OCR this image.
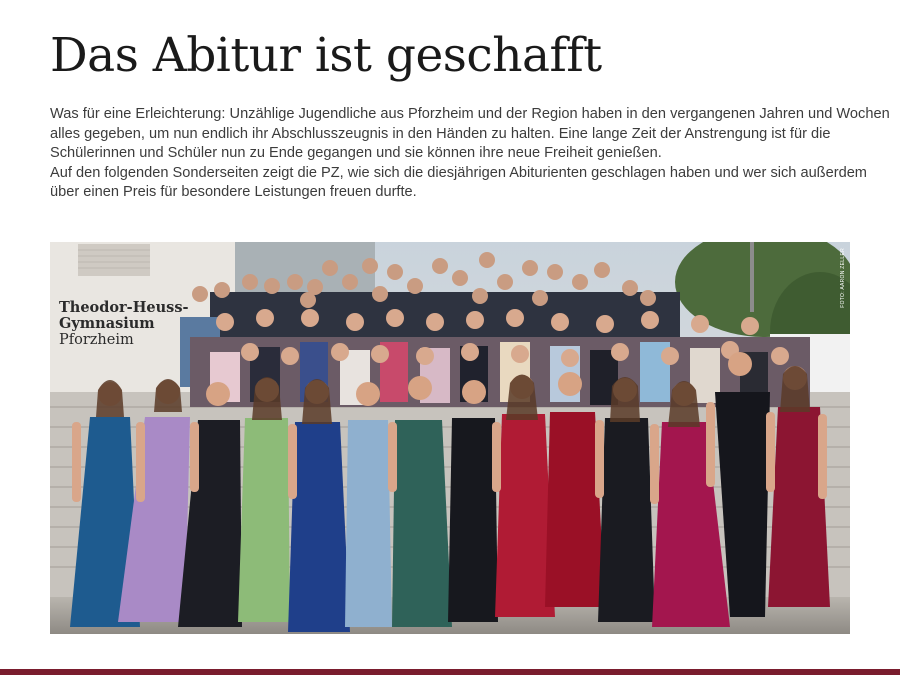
Das Abitur ist geschafft

Was für eine Erleichterung: Unzählige Jugendliche aus Pforzheim und der Region haben in den vergangenen Jahren und Wochen
alles gegeben, um nun endlich ihr Abschlusszeugnis in den Händen zu halten. Eine lange Zeit der Anstrengung ist für die
Schülerinnen und Schüler nun zu Ende gegangen und sie können ihre neue Freiheit genießen.
Auf den folgenden Sonderseiten zeigt die PZ, wie sich die diesjährigen Abiturienten geschlagen haben und wer sich außerdem
über einen Preis für besondere Leistungen freuen durfte.

Theodor-Heuss-
Gymnasium
Pforzheim
FOTO: AARON ZELLER
